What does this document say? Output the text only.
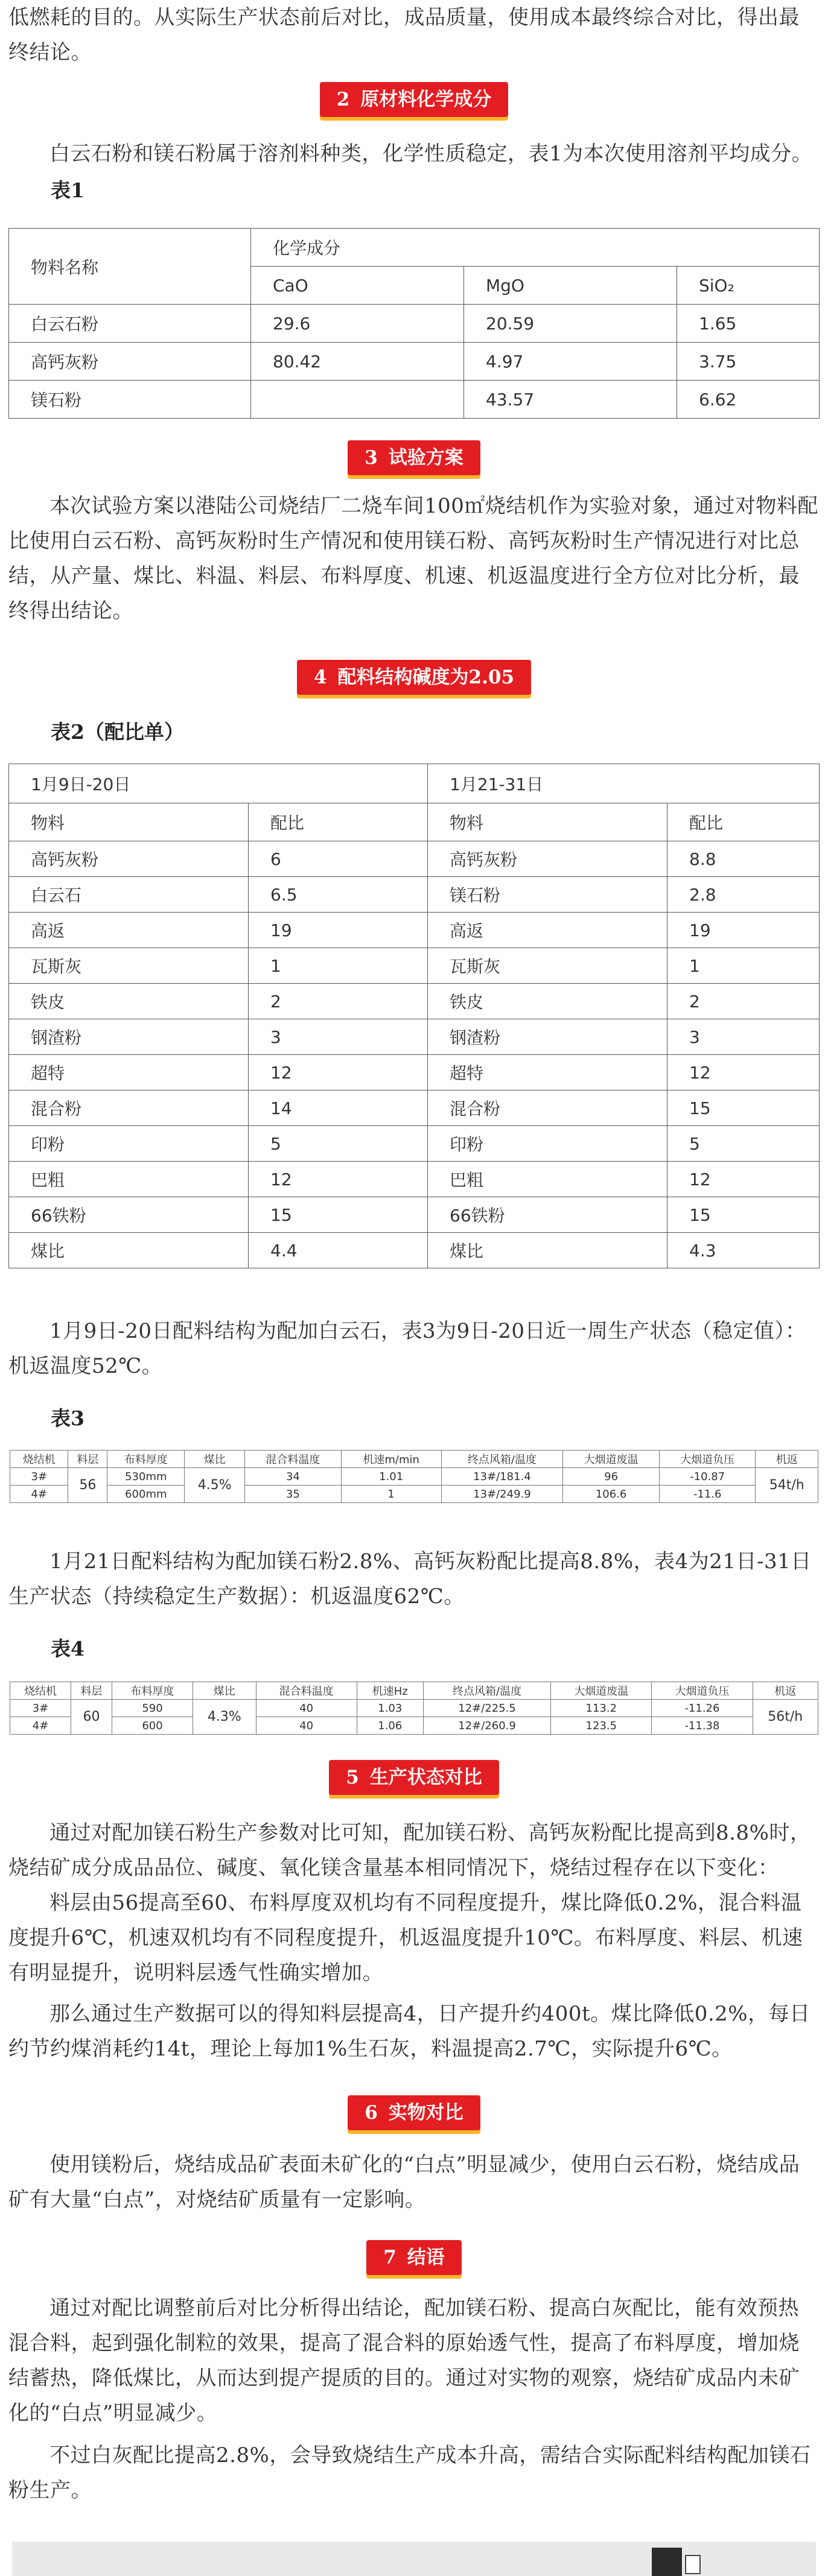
低燃耗的目的。从实际生产状态前后对比，成品质量，使用成本最终综合对比，得出最终结论。

2 原材料化学成分

白云石粉和镁石粉属于溶剂料种类，化学性质稳定，表1为本次使用溶剂平均成分。

表1
物料名称	化学成分		
	CaO	MgO	SiO₂
白云石粉	29.6	20.59	1.65
高钙灰粉	80.42	4.97	3.75
镁石粉		43.57	6.62
3 试验方案

本次试验方案以港陆公司烧结厂二烧车间100㎡烧结机作为实验对象，通过对物料配比使用白云石粉、高钙灰粉时生产情况和使用镁石粉、高钙灰粉时生产情况进行对比总结，从产量、煤比、料温、料层、布料厚度、机速、机返温度进行全方位对比分析，最终得出结论。

4 配料结构碱度为2.05
表2（配比单）
1月9日-20日		1月21-31日	
物料	配比	物料	配比
高钙灰粉	6	高钙灰粉	8.8
白云石	6.5	镁石粉	2.8
高返	19	高返	19
瓦斯灰	1	瓦斯灰	1
铁皮	2	铁皮	2
钢渣粉	3	钢渣粉	3
超特	12	超特	12
混合粉	14	混合粉	15
印粉	5	印粉	5
巴粗	12	巴粗	12
66铁粉	15	66铁粉	15
煤比	4.4	煤比	4.3

1月9日-20日配料结构为配加白云石，表3为9日-20日近一周生产状态（稳定值）：机返温度52℃。

表3
烧结机	料层	布料厚度	煤比	混合料温度	机速m/min	终点风箱/温度	大烟道废温	大烟道负压	机返
3#	56	530mm	4.5%	34	1.01	13#/181.4	96	-10.87	54t/h
4#		600mm		35	1	13#/249.9	106.6	-11.6	

1月21日配料结构为配加镁石粉2.8%、高钙灰粉配比提高8.8%，表4为21日-31日生产状态（持续稳定生产数据）：机返温度62℃。

表4
烧结机	料层	布料厚度	煤比	混合料温度	机速Hz	终点风箱/温度	大烟道废温	大烟道负压	机返
3#	60	590	4.3%	40	1.03	12#/225.5	113.2	-11.26	56t/h
4#		600		40	1.06	12#/260.9	123.5	-11.38	
5 生产状态对比

通过对配加镁石粉生产参数对比可知，配加镁石粉、高钙灰粉配比提高到8.8%时，烧结矿成分成品品位、碱度、氧化镁含量基本相同情况下，烧结过程存在以下变化：

料层由56提高至60、布料厚度双机均有不同程度提升，煤比降低0.2%，混合料温度提升6℃，机速双机均有不同程度提升，机返温度提升10℃。布料厚度、料层、机速有明显提升，说明料层透气性确实增加。

那么通过生产数据可以的得知料层提高4，日产提升约400t。煤比降低0.2%，每日约节约煤消耗约14t，理论上每加1%生石灰，料温提高2.7℃，实际提升6℃。

6 实物对比

使用镁粉后，烧结成品矿表面未矿化的“白点”明显减少，使用白云石粉，烧结成品矿有大量“白点”，对烧结矿质量有一定影响。

7 结语

通过对配比调整前后对比分析得出结论，配加镁石粉、提高白灰配比，能有效预热混合料，起到强化制粒的效果，提高了混合料的原始透气性，提高了布料厚度，增加烧结蓄热，降低煤比，从而达到提产提质的目的。通过对实物的观察，烧结矿成品内未矿化的“白点”明显减少。

不过白灰配比提高2.8%，会导致烧结生产成本升高，需结合实际配料结构配加镁石粉生产。
